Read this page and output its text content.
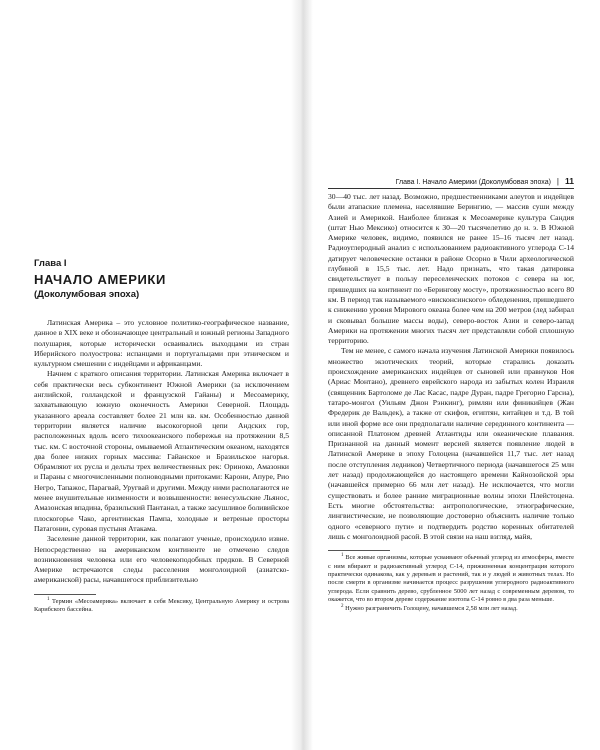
Глава I
НАЧАЛО АМЕРИКИ
(Доколумбовая эпоха)

Латинская Америка – это условное политико-географическое название, данное в XIX веке и обозначающее центральный и южный регионы Западного полушария, которые исторически осваивались выходцами из стран Иберийского полуострова: испанцами и португальцами при этническом и культурном смешении с индейцами и африканцами.

Начнем с краткого описания территории. Латинская Америка включает в себя практически весь субконтинент Южной Америки (за исключением английской, голландской и французской Гайаны) и Месоамерику, захватывающую южную оконечность Америки Северной. Площадь указанного ареала составляет более 21 млн кв. км. Особенностью данной территории является наличие высокогорной цепи Андских гор, расположенных вдоль всего тихоокеанского побережья на протяжении 8,5 тыс. км. С восточной стороны, омываемой Атлантическим океаном, находятся два более низких горных массива: Гайанское и Бразильское нагорья. Обрамляют их русла и дельты трех величественных рек: Ориноко, Амазонки и Параны с многочисленными полноводными притоками: Карони, Апуре, Рио Негро, Тапажос, Парагвай, Уругвай и другими. Между ними располагаются не менее внушительные низменности и возвышенности: венесуэльские Льянос, Амазонская впадина, бразильский Пантанал, а также засушливое боливийское плоскогорье Чако, аргентинская Пампа, холодные и ветреные просторы Патагонии, суровая пустыня Атакама.

Заселение данной территории, как полагают ученые, происходило извне. Непосредственно на американском континенте не отмечено следов возникновения человека или его человекоподобных предков. В Северной Америке встречаются следы расселения монголоидной (азиатско-американской) расы, начавшегося приблизительно

$^1$ Термин «Месоамерика» включает в себя Мексику, Центральную Америку и острова Карибского бассейна.

Глава I. Начало Америки (Доколумбовая эпоха) | 11

30—40 тыс. лет назад. Возможно, предшественниками алеутов и индейцев были атапаские племена, населявшие Берингию, — массив суши между Азией и Америкой. Наиболее близкая к Месоамерике культура Сандия (штат Нью Мексико) относится к 30—20 тысячелетию до н. э. В Южной Америке человек, видимо, появился не ранее 15–16 тысяч лет назад. Радиоуглеродный анализ с использованием радиоактивного углерода С-14 датирует человеческие останки в районе Осорно в Чили археологической глубиной в 15,5 тыс. лет. Надо признать, что такая датировка свидетельствует в пользу переселенческих потоков с севера на юг, пришедших на континент по «Берингову мосту», протяженностью всего 80 км. В период так называемого «висконсинского» обледенения, пришедшего к снижению уровня Мирового океана более чем на 200 метров (лед забирал и сковывал большие массы воды), северо-восток Азии и северо-запад Америки на протяжении многих тысяч лет представляли собой сплошную территорию.

Тем не менее, с самого начала изучения Латинской Америки появилось множество экзотических теорий, которые старались доказать происхождение американских индейцев от сыновей или правнуков Ноя (Ариас Монтано), древнего еврейского народа из забытых колен Израиля (священник Бартоломе де Лас Касас, падре Дуран, падре Грегорио Гарсиа), татаро-монгол (Уильям Джон Рэнкинг), римлян или финикийцев (Жан Фредерик де Вальдек), а также от скифов, египтян, китайцев и т.д. В той или иной форме все они предполагали наличие серединного континента — описанной Платоном древней Атлантиды или океанические плавания. Признанной на данный момент версией является появление людей в Латинской Америке в эпоху Голоцена (начавшейся 11,7 тыс. лет назад после отступления ледников) Четвертичного периода (начавшегося 25 млн лет назад) продолжающейся до настоящего времени Кайнозойской эры (начавшейся примерно 66 млн лет назад). Не исключается, что могли существовать и более ранние миграционные волны эпохи Плейстоцена. Есть многие обстоятельства: антропологические, этнографические, лингвистические, не позволяющие достоверно объяснить наличие только одного «северного пути» и подтвердить родство коренных обитателей лишь с монголоидной расой. В этой связи на наш взгляд, майя,

$^1$ Все живые организмы, которые усваивают обычный углерод из атмосферы, вместе с ним вбирают и радиоактивный углерод С-14, прижизненная концентрация которого практически одинакова, как у деревьев и растений, так и у людей и животных телах. Но после смерти в организме начинается процесс разрушения углеродного радиоактивного углерода. Если сравнить дерево, срубленное 5000 лет назад с современным деревом, то окажется, что во втором дереве содержание изотопа С-14 ровно в два раза меньше.

$^2$ Нужно разграничить Голоцену, начавшемся 2,58 млн лет назад.
